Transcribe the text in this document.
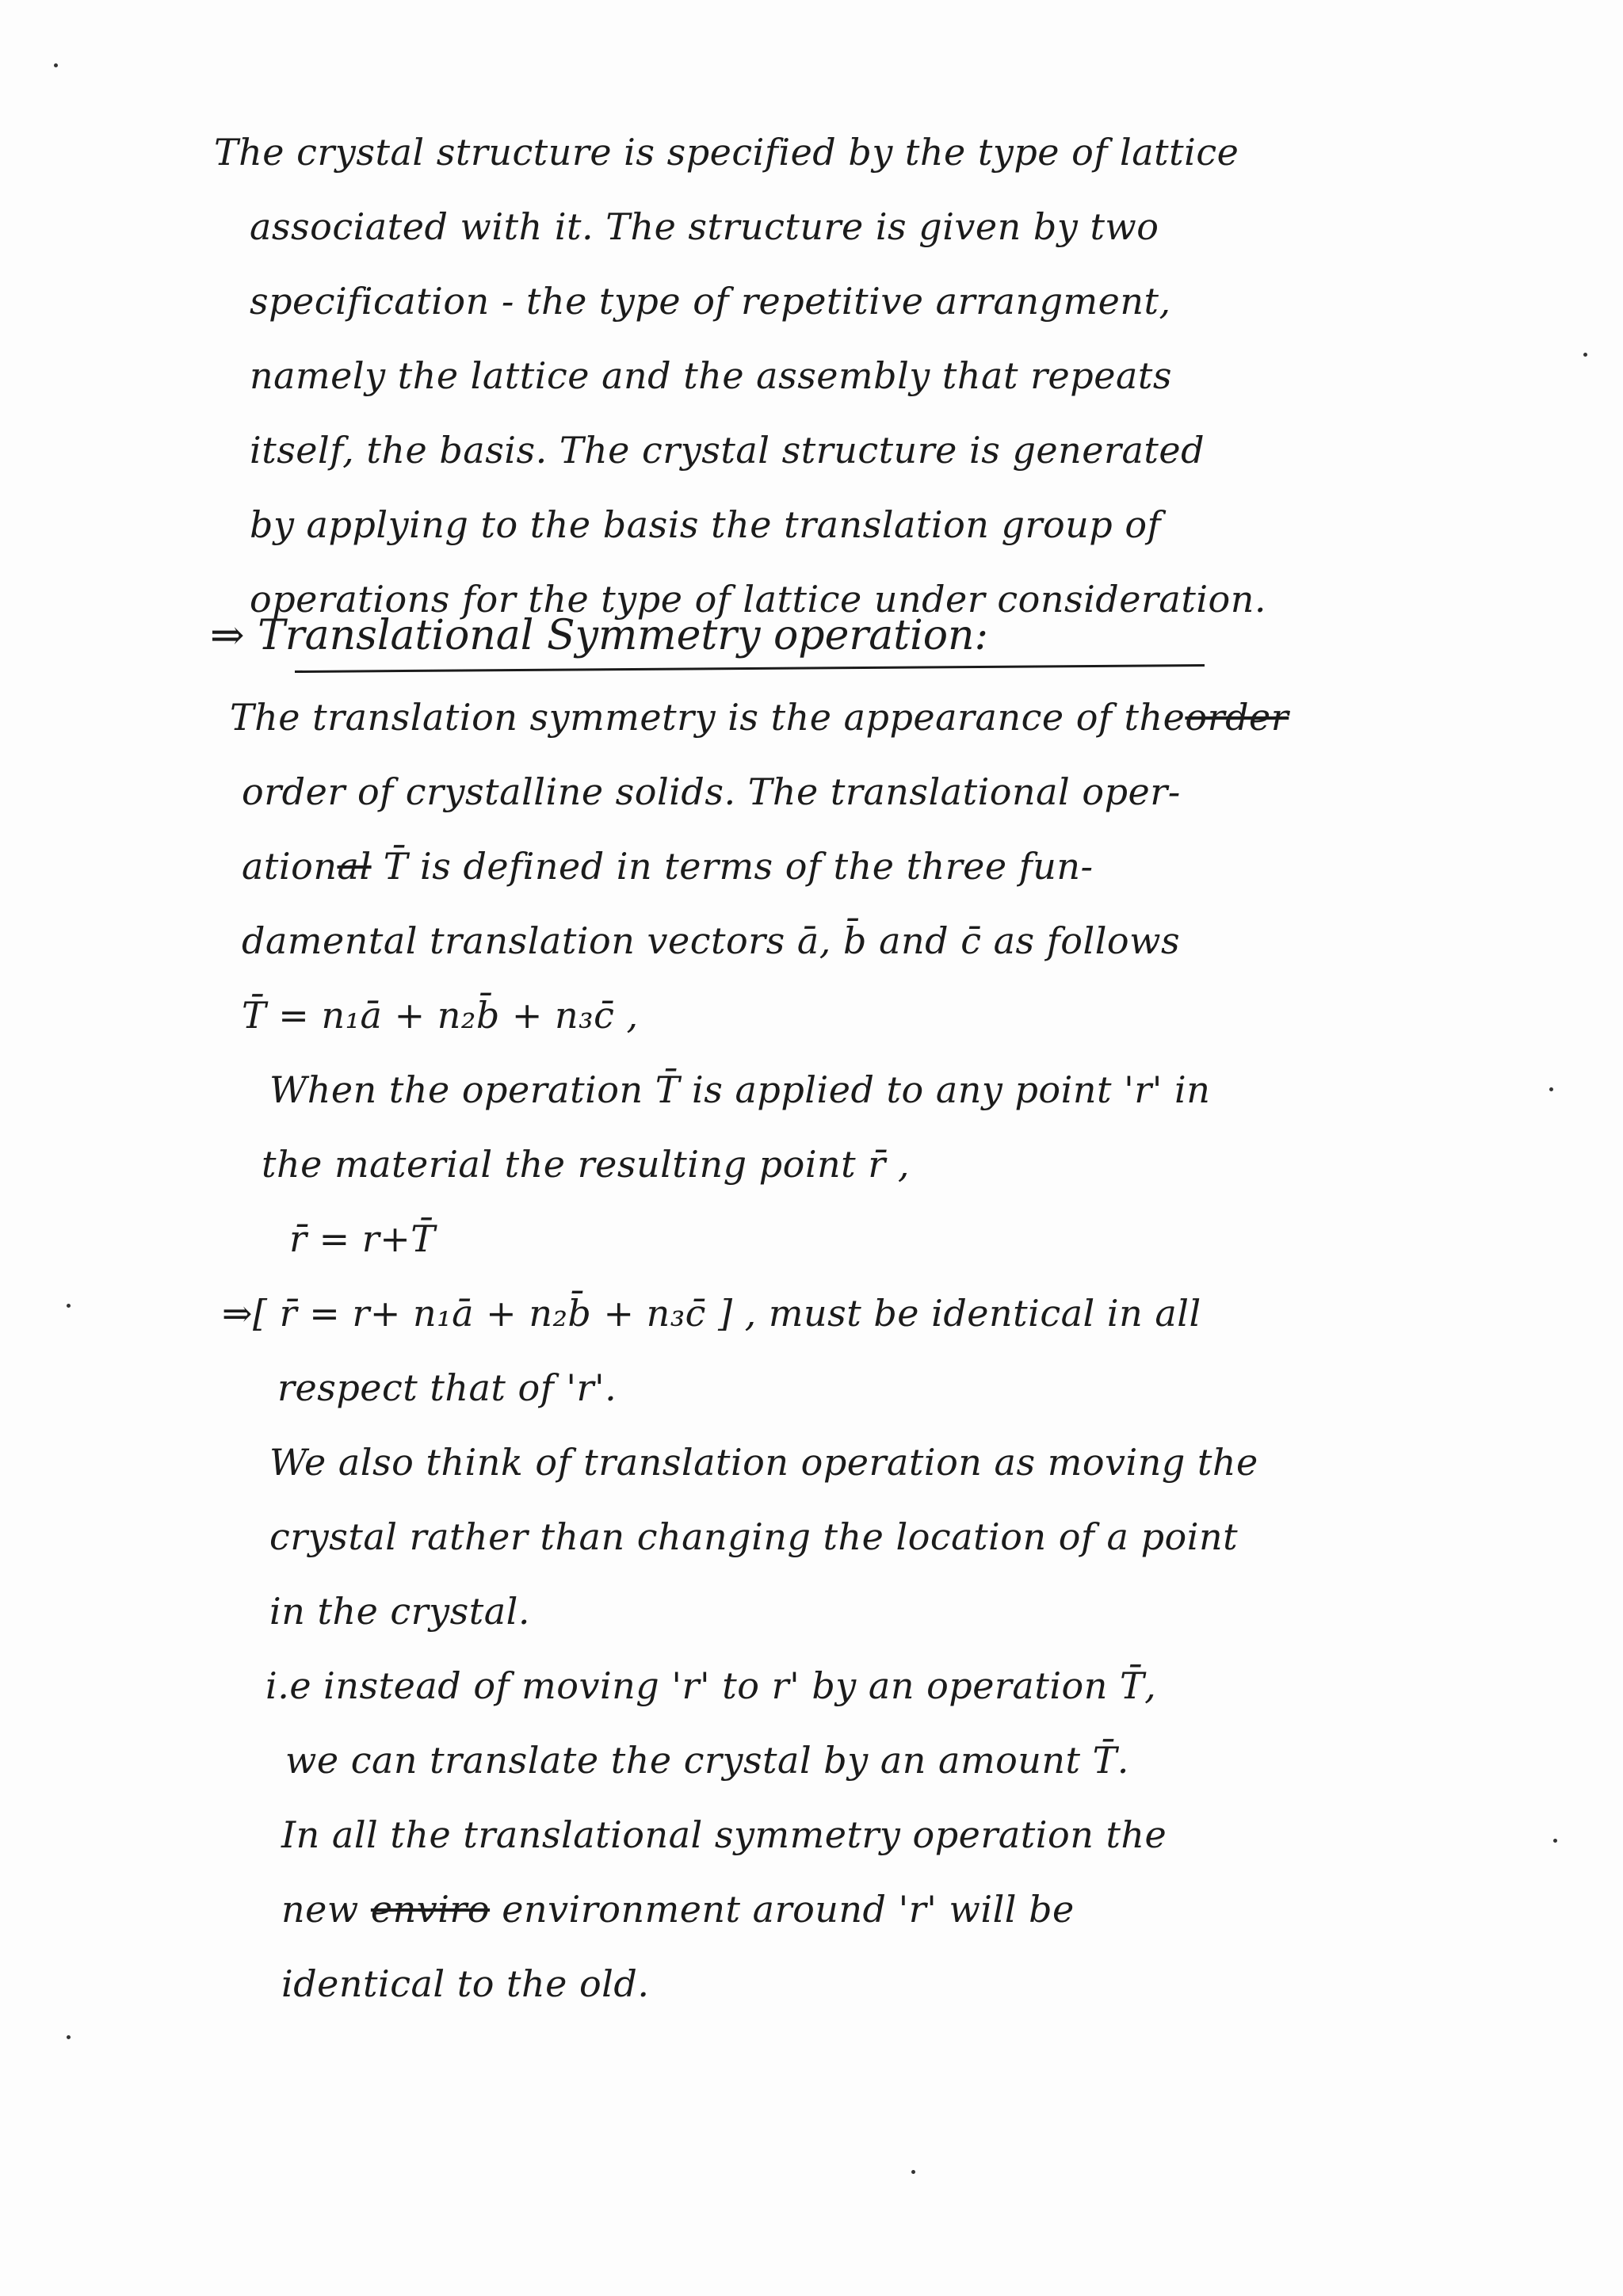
The crystal structure is specified by the type of lattice
associated with it. The structure is given by two
specification - the type of repetitive arrangment,
namely the lattice and the assembly that repeats
itself, the basis. The crystal structure is generated
by applying to the basis the translation group of
operations for the type of lattice under consideration.
⇒ Translational Symmetry operation:
The translation symmetry is the appearance of theorder
order of crystalline solids. The translational oper-
ational T̄ is defined in terms of the three fun-
damental translation vectors ā, b̄ and c̄ as follows
T̄ = n₁ā + n₂b̄ + n₃c̄ ,
When the operation T̄ is applied to any point 'r' in
the material the resulting point r̄ ,
r̄ = r+T̄
⇒[ r̄ = r+ n₁ā + n₂b̄ + n₃c̄ ] , must be identical in all
respect that of 'r'.
We also think of translation operation as moving the
crystal rather than changing the location of a point
in the crystal.
i.e instead of moving 'r' to r' by an operation T̄,
we can translate the crystal by an amount T̄.
In all the translational symmetry operation the
new enviro environment around 'r' will be
identical to the old.
